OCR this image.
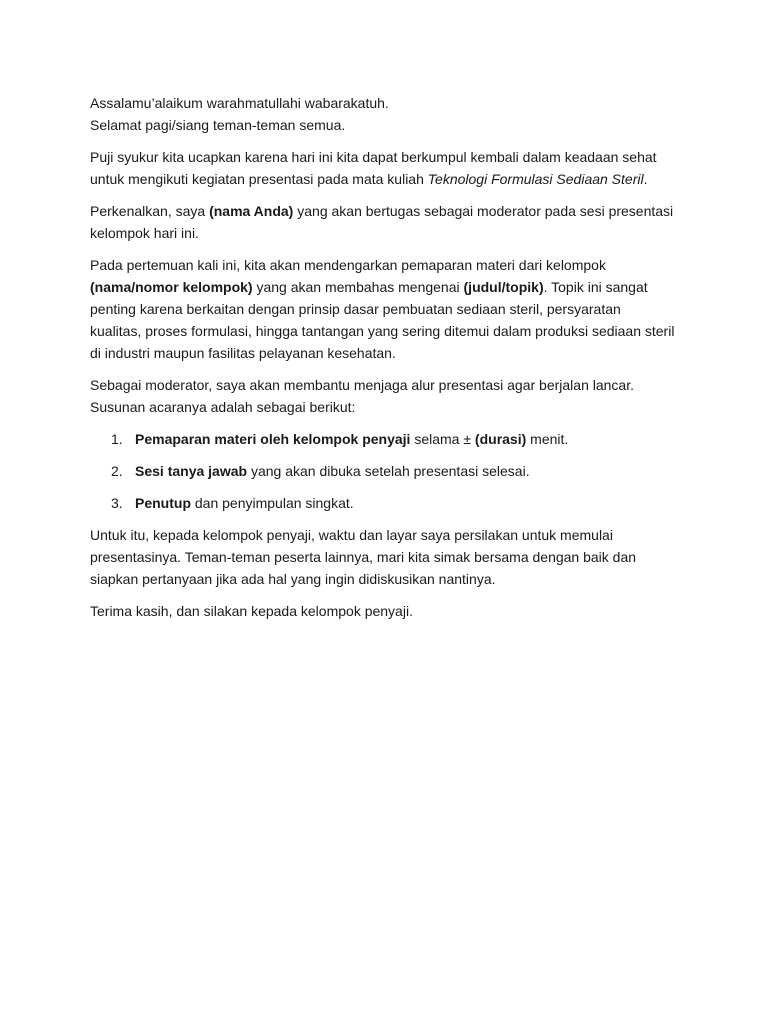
Assalamu’alaikum warahmatullahi wabarakatuh.
Selamat pagi/siang teman-teman semua.

Puji syukur kita ucapkan karena hari ini kita dapat berkumpul kembali dalam keadaan sehat untuk mengikuti kegiatan presentasi pada mata kuliah Teknologi Formulasi Sediaan Steril.

Perkenalkan, saya (nama Anda) yang akan bertugas sebagai moderator pada sesi presentasi kelompok hari ini.

Pada pertemuan kali ini, kita akan mendengarkan pemaparan materi dari kelompok (nama/nomor kelompok) yang akan membahas mengenai (judul/topik). Topik ini sangat penting karena berkaitan dengan prinsip dasar pembuatan sediaan steril, persyaratan kualitas, proses formulasi, hingga tantangan yang sering ditemui dalam produksi sediaan steril di industri maupun fasilitas pelayanan kesehatan.

Sebagai moderator, saya akan membantu menjaga alur presentasi agar berjalan lancar. Susunan acaranya adalah sebagai berikut:

1. Pemaparan materi oleh kelompok penyaji selama ± (durasi) menit.
2. Sesi tanya jawab yang akan dibuka setelah presentasi selesai.
3. Penutup dan penyimpulan singkat.

Untuk itu, kepada kelompok penyaji, waktu dan layar saya persilakan untuk memulai presentasinya. Teman-teman peserta lainnya, mari kita simak bersama dengan baik dan siapkan pertanyaan jika ada hal yang ingin didiskusikan nantinya.

Terima kasih, dan silakan kepada kelompok penyaji.
